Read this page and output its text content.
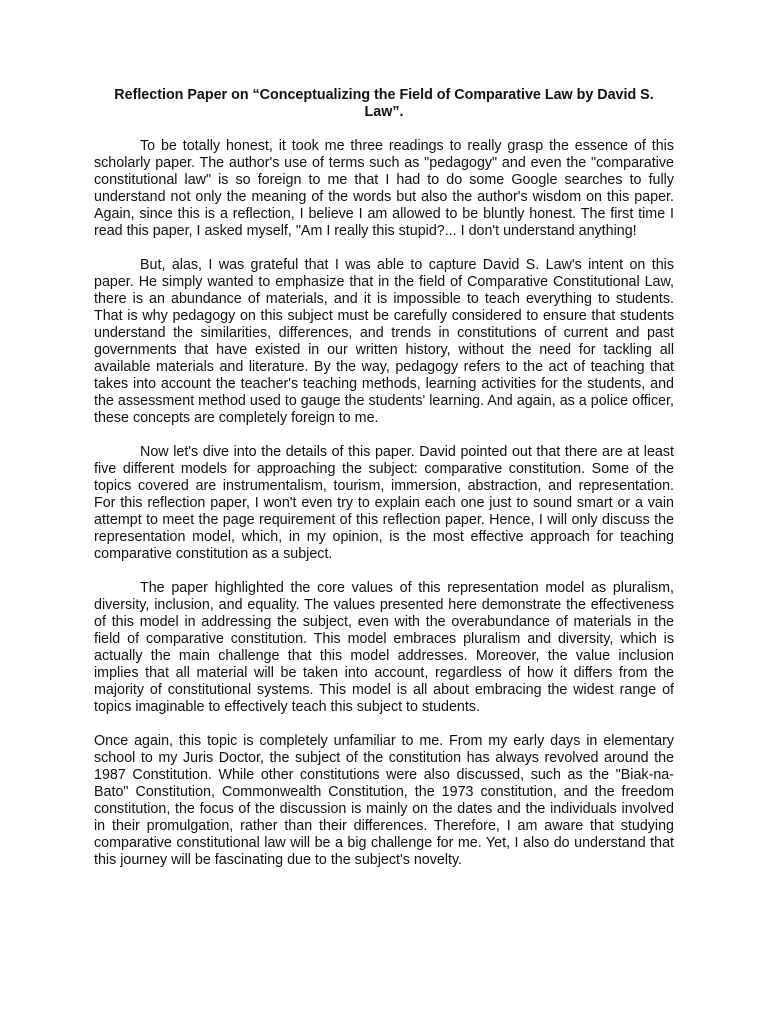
Reflection Paper on “Conceptualizing the Field of Comparative Law by David S. Law”.

To be totally honest, it took me three readings to really grasp the essence of this scholarly paper. The author's use of terms such as "pedagogy" and even the "comparative constitutional law" is so foreign to me that I had to do some Google searches to fully understand not only the meaning of the words but also the author's wisdom on this paper. Again, since this is a reflection, I believe I am allowed to be bluntly honest. The first time I read this paper, I asked myself, "Am I really this stupid?... I don't understand anything!

But, alas, I was grateful that I was able to capture David S. Law's intent on this paper. He simply wanted to emphasize that in the field of Comparative Constitutional Law, there is an abundance of materials, and it is impossible to teach everything to students. That is why pedagogy on this subject must be carefully considered to ensure that students understand the similarities, differences, and trends in constitutions of current and past governments that have existed in our written history, without the need for tackling all available materials and literature. By the way, pedagogy refers to the act of teaching that takes into account the teacher's teaching methods, learning activities for the students, and the assessment method used to gauge the students' learning. And again, as a police officer, these concepts are completely foreign to me.

Now let's dive into the details of this paper. David pointed out that there are at least five different models for approaching the subject: comparative constitution. Some of the topics covered are instrumentalism, tourism, immersion, abstraction, and representation. For this reflection paper, I won't even try to explain each one just to sound smart or a vain attempt to meet the page requirement of this reflection paper. Hence, I will only discuss the representation model, which, in my opinion, is the most effective approach for teaching comparative constitution as a subject.

The paper highlighted the core values of this representation model as pluralism, diversity, inclusion, and equality. The values presented here demonstrate the effectiveness of this model in addressing the subject, even with the overabundance of materials in the field of comparative constitution. This model embraces pluralism and diversity, which is actually the main challenge that this model addresses. Moreover, the value inclusion implies that all material will be taken into account, regardless of how it differs from the majority of constitutional systems. This model is all about embracing the widest range of topics imaginable to effectively teach this subject to students.

Once again, this topic is completely unfamiliar to me. From my early days in elementary school to my Juris Doctor, the subject of the constitution has always revolved around the 1987 Constitution. While other constitutions were also discussed, such as the "Biak-na-Bato" Constitution, Commonwealth Constitution, the 1973 constitution, and the freedom constitution, the focus of the discussion is mainly on the dates and the individuals involved in their promulgation, rather than their differences. Therefore, I am aware that studying comparative constitutional law will be a big challenge for me. Yet, I also do understand that this journey will be fascinating due to the subject's novelty.
